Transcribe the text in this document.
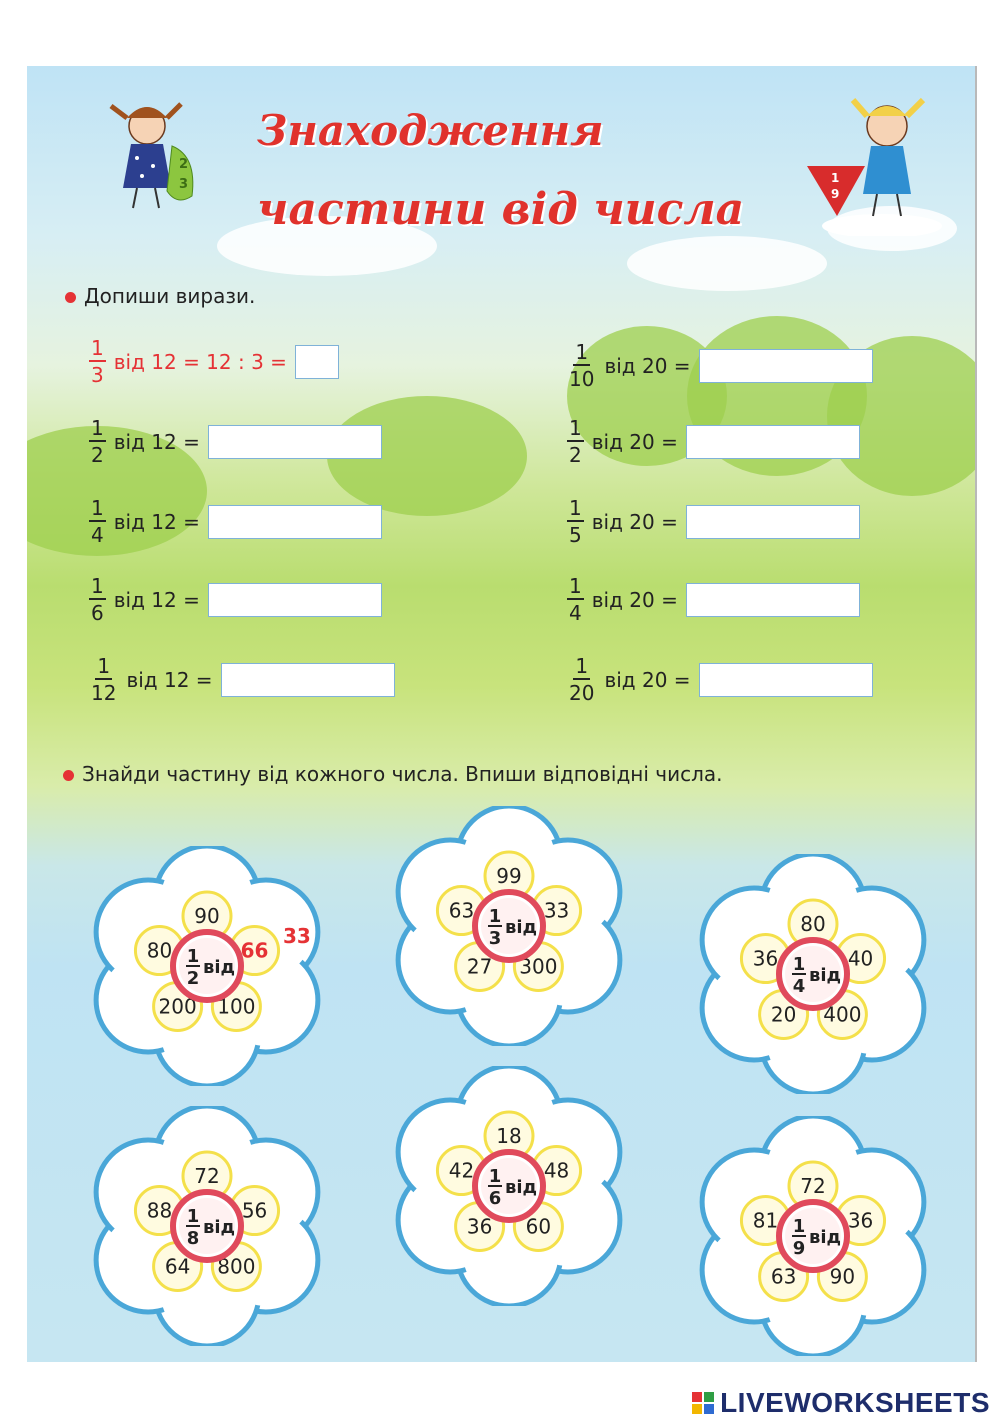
Знаходження
частини від числа
2
3	1
9
Допиши вирази.
$\frac{1}{3}$ від 12 = 12 : 3 =
$\frac{1}{2}$ від 12 =
$\frac{1}{4}$ від 12 =
$\frac{1}{6}$ від 12 =
$\frac{1}{12}$ від 12 =
$\frac{1}{10}$ від 20 =
$\frac{1}{2}$ від 20 =
$\frac{1}{5}$ від 20 =
$\frac{1}{4}$ від 20 =
$\frac{1}{20}$ від 20 =
Знайди частину від кожного числа. Впиши відповідні числа.
90
66
100
200
80 1
2
від
99
33
300
27
63 1
3
від	80
40
400
20
36 1
4
від
72
56
800
64
88 1
8
від
18
48
60
36
42 1
6
від	72
36
90
63
81 1
9
від
33
LIVEWORKSHEETS
